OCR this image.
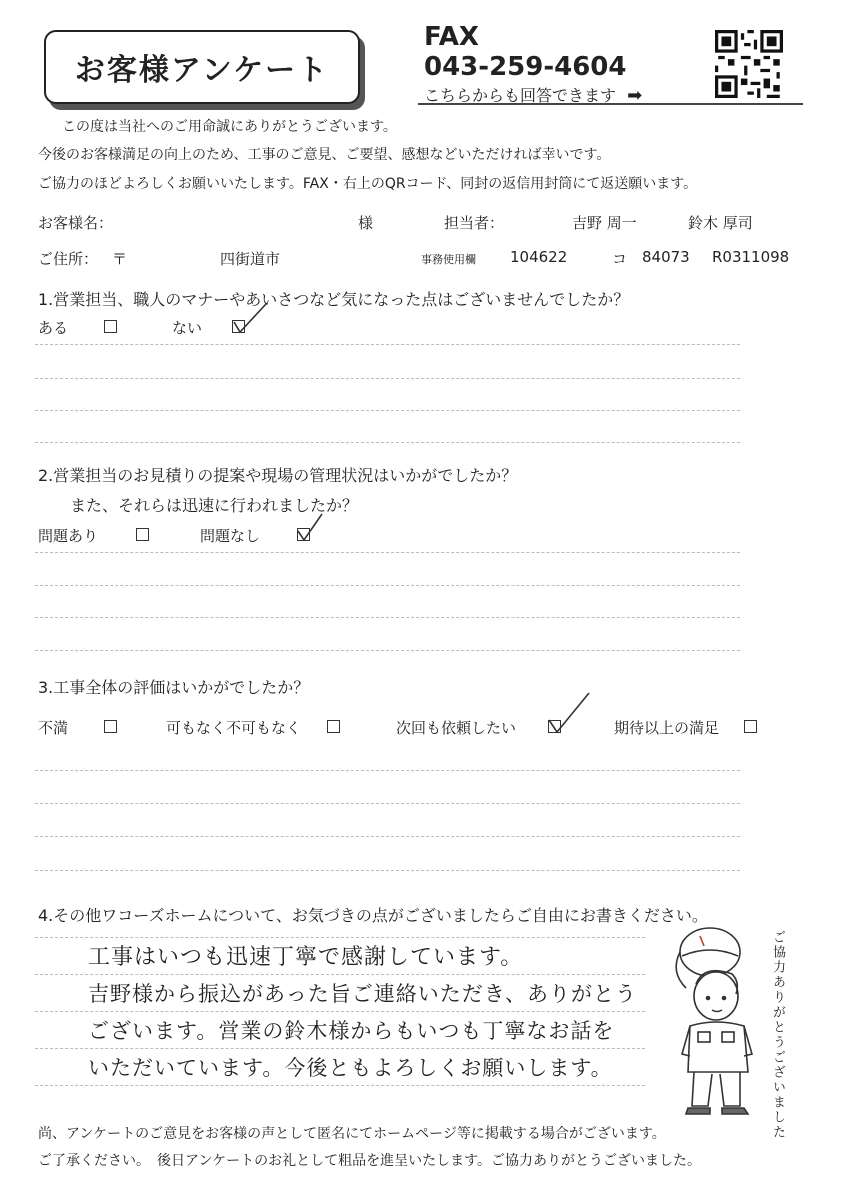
お客様アンケート
FAX
043-259-4604
こちらからも回答できます ➡
この度は当社へのご用命誠にありがとうございます。
今後のお客様満足の向上のため、工事のご意見、ご要望、感想などいただければ幸いです。
ご協力のほどよろしくお願いいたします。FAX・右上のQRコード、同封の返信用封筒にて返送願います。
お客様名：	様	担当者：	吉野 周一	鈴木 厚司
ご住所： 〒	四街道市	事務使用欄 104622	コ 84073 R0311098
1.営業担当、職人のマナーやあいさつなど気になった点はございませんでしたか？
ある	ない
2.営業担当のお見積りの提案や現場の管理状況はいかがでしたか？
また、それらは迅速に行われましたか？
問題あり	問題なし
3.工事全体の評価はいかがでしたか？
不満	可もなく不可もなく	次回も依頼したい	期待以上の満足
4.その他ワコーズホームについて、お気づきの点がございましたらご自由にお書きください。
工事はいつも迅速丁寧で感謝しています。
吉野様から振込があった旨ご連絡いただき、ありがとう
ございます。営業の鈴木様からもいつも丁寧なお話を
いただいています。今後ともよろしくお願いします。	ご協力ありがとうございました
尚、アンケートのご意見をお客様の声として匿名にてホームページ等に掲載する場合がございます。
ご了承ください。　後日アンケートのお礼として粗品を進呈いたします。ご協力ありがとうございました。
